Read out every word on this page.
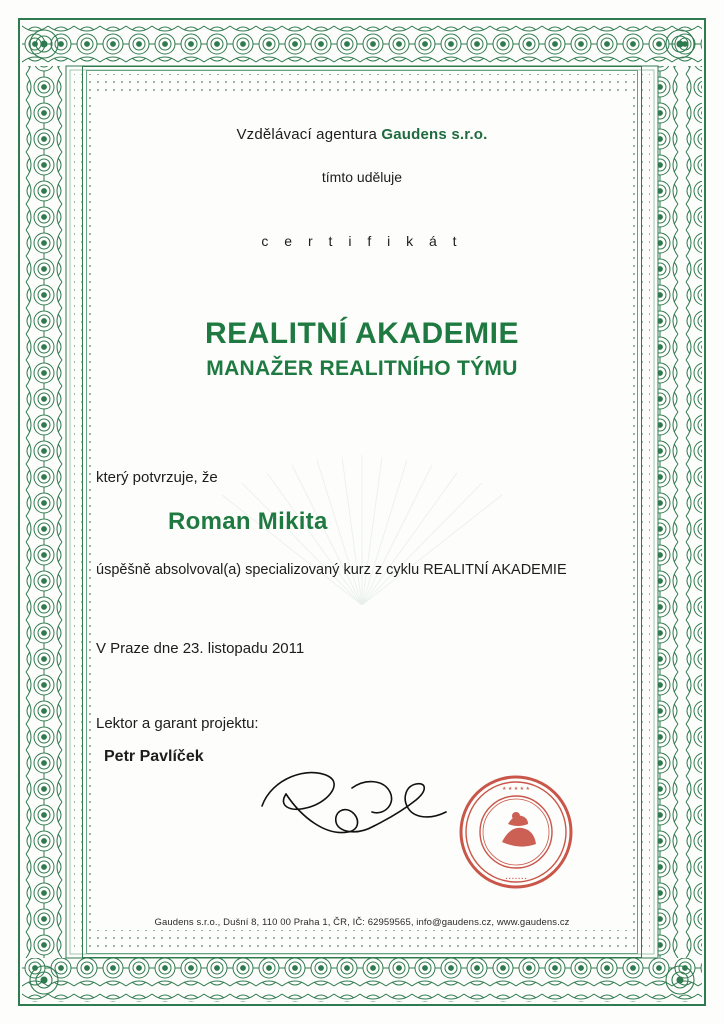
Vzdělávací agentura Gaudens s.r.o.
tímto uděluje
c e r t i f i k á t
REALITNÍ AKADEMIE
MANAŽER REALITNÍHO TÝMU
který potvrzuje, že
Roman Mikita
úspěšně absolvoval(a) specializovaný kurz z cyklu REALITNÍ AKADEMIE
V Praze dne 23. listopadu 2011
Lektor a garant projektu:
Petr Pavlíček
★ ★ ★ ★ ★
▪ ▪ ▪ ▪ ▪ ▪ ▪
Gaudens s.r.o., Dušní 8, 110 00 Praha 1, ČR, IČ: 62959565, info@gaudens.cz, www.gaudens.cz
